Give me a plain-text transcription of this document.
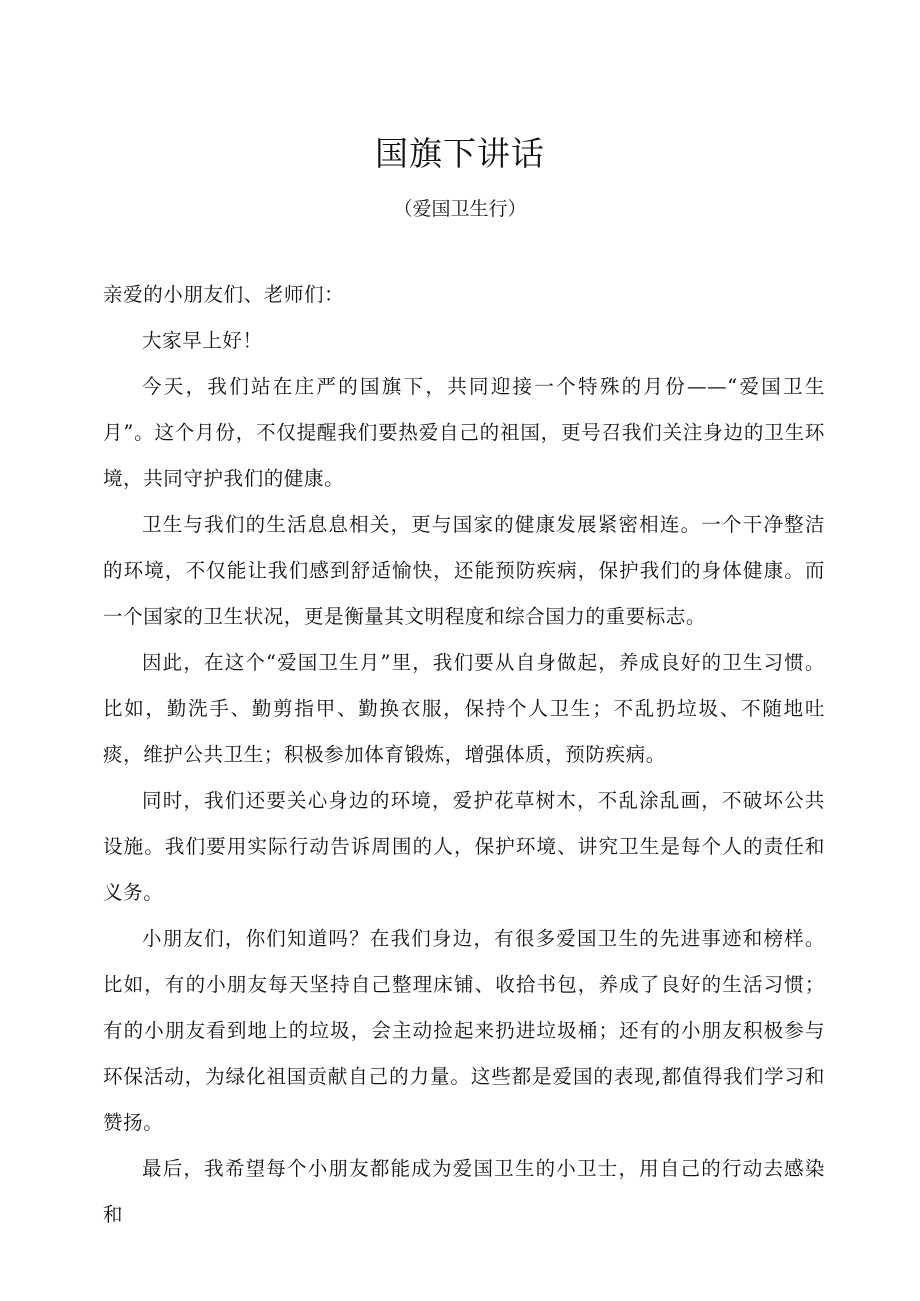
国旗下讲话
（爱国卫生行）

亲爱的小朋友们、老师们：

大家早上好！

今天，我们站在庄严的国旗下，共同迎接一个特殊的月份——“爱国卫生月”。这个月份，不仅提醒我们要热爱自己的祖国，更号召我们关注身边的卫生环境，共同守护我们的健康。

卫生与我们的生活息息相关，更与国家的健康发展紧密相连。一个干净整洁的环境，不仅能让我们感到舒适愉快，还能预防疾病，保护我们的身体健康。而一个国家的卫生状况，更是衡量其文明程度和综合国力的重要标志。

因此，在这个“爱国卫生月”里，我们要从自身做起，养成良好的卫生习惯。比如，勤洗手、勤剪指甲、勤换衣服，保持个人卫生；不乱扔垃圾、不随地吐痰，维护公共卫生；积极参加体育锻炼，增强体质，预防疾病。

同时，我们还要关心身边的环境，爱护花草树木，不乱涂乱画，不破坏公共设施。我们要用实际行动告诉周围的人，保护环境、讲究卫生是每个人的责任和义务。

小朋友们，你们知道吗？在我们身边，有很多爱国卫生的先进事迹和榜样。比如，有的小朋友每天坚持自己整理床铺、收拾书包，养成了良好的生活习惯；有的小朋友看到地上的垃圾，会主动捡起来扔进垃圾桶；还有的小朋友积极参与环保活动，为绿化祖国贡献自己的力量。这些都是爱国的表现,都值得我们学习和赞扬。

最后，我希望每个小朋友都能成为爱国卫生的小卫士，用自己的行动去感染和
